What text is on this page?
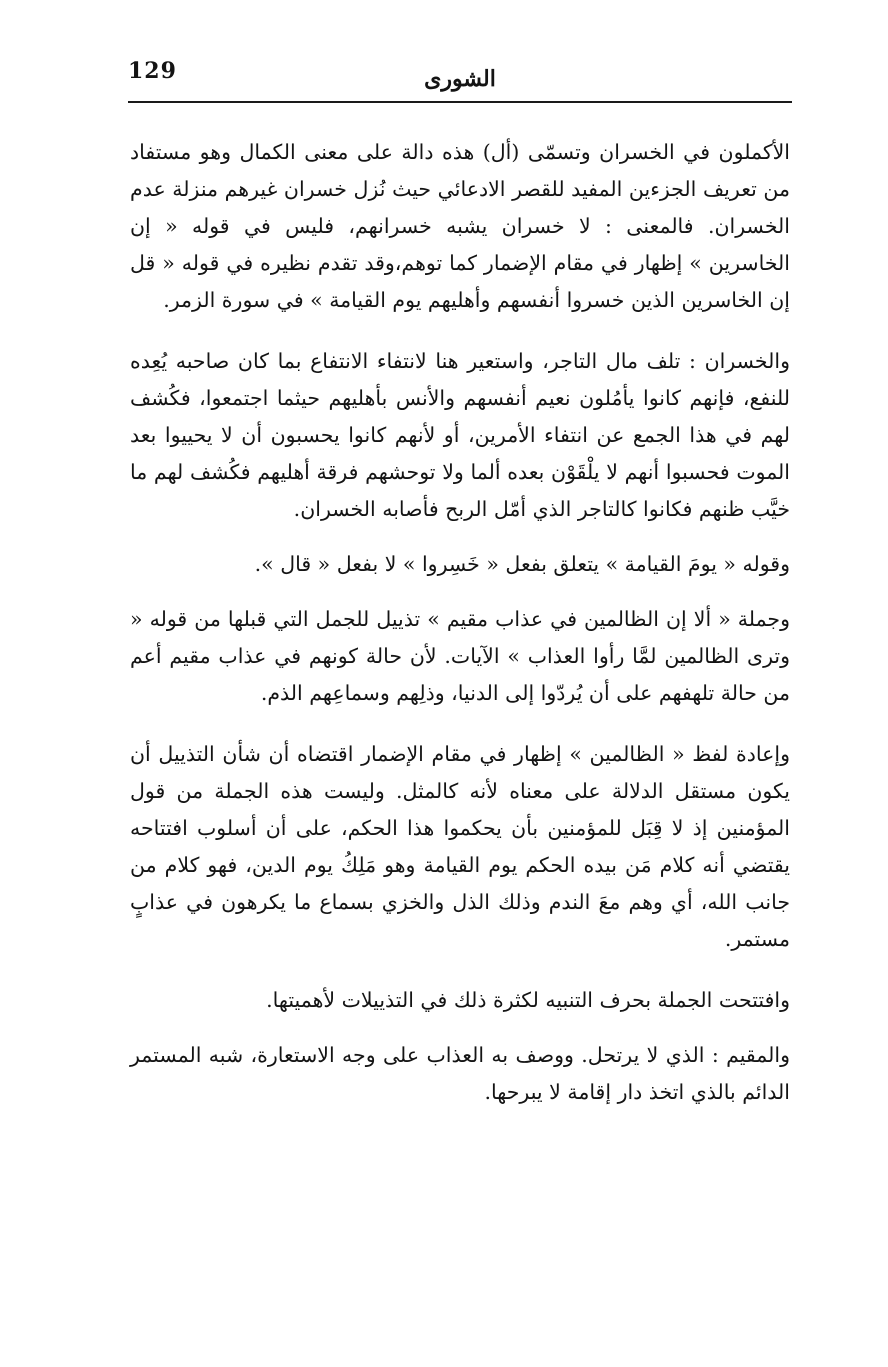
129	الشورى

الأكملون في الخسران وتسمّى (أل) هذه دالة على معنى الكمال وهو مستفاد من تعريف الجزءين المفيد للقصر الادعائي حيث نُزل خسران غيرهم منزلة عدم الخسران. فالمعنى : لا خسران يشبه خسرانهم، فليس في قوله « إن الخاسرين » إظهار في مقام الإضمار كما توهم،وقد تقدم نظيره في قوله « قل إن الخاسرين الذين خسروا أنفسهم وأهليهم يوم القيامة » في سورة الزمر.

والخسران : تلف مال التاجر، واستعير هنا لانتفاء الانتفاع بما كان صاحبه يُعِده للنفع، فإنهم كانوا يأمُلون نعيم أنفسهم والأنس بأهليهم حيثما اجتمعوا، فكُشف لهم في هذا الجمع عن انتفاء الأمرين، أو لأنهم كانوا يحسبون أن لا يحييوا بعد الموت فحسبوا أنهم لا يلْقَوْن بعده ألما ولا توحشهم فرقة أهليهم فكُشف لهم ما خيَّب ظنهم فكانوا كالتاجر الذي أمّل الربح فأصابه الخسران.

وقوله « يومَ القيامة » يتعلق بفعل « خَسِروا » لا بفعل « قال ».

وجملة « ألا إن الظالمين في عذاب مقيم » تذييل للجمل التي قبلها من قوله « وترى الظالمين لمَّا رأوا العذاب » الآيات. لأن حالة كونهم في عذاب مقيم أعم من حالة تلهفهم على أن يُردّوا إلى الدنيا، وذلِهم وسماعِهم الذم.

وإعادة لفظ « الظالمين » إظهار في مقام الإضمار اقتضاه أن شأن التذييل أن يكون مستقل الدلالة على معناه لأنه كالمثل. وليست هذه الجملة من قول المؤمنين إذ لا قِبَل للمؤمنين بأن يحكموا هذا الحكم، على أن أسلوب افتتاحه يقتضي أنه كلام مَن بيده الحكم يوم القيامة وهو مَلِكُ يوم الدين، فهو كلام من جانب الله، أي وهم معَ الندم وذلك الذل والخزي بسماع ما يكرهون في عذابٍ مستمر.

وافتتحت الجملة بحرف التنبيه لكثرة ذلك في التذييلات لأهميتها.

والمقيم : الذي لا يرتحل. ووصف به العذاب على وجه الاستعارة، شبه المستمر الدائم بالذي اتخذ دار إقامة لا يبرحها.
